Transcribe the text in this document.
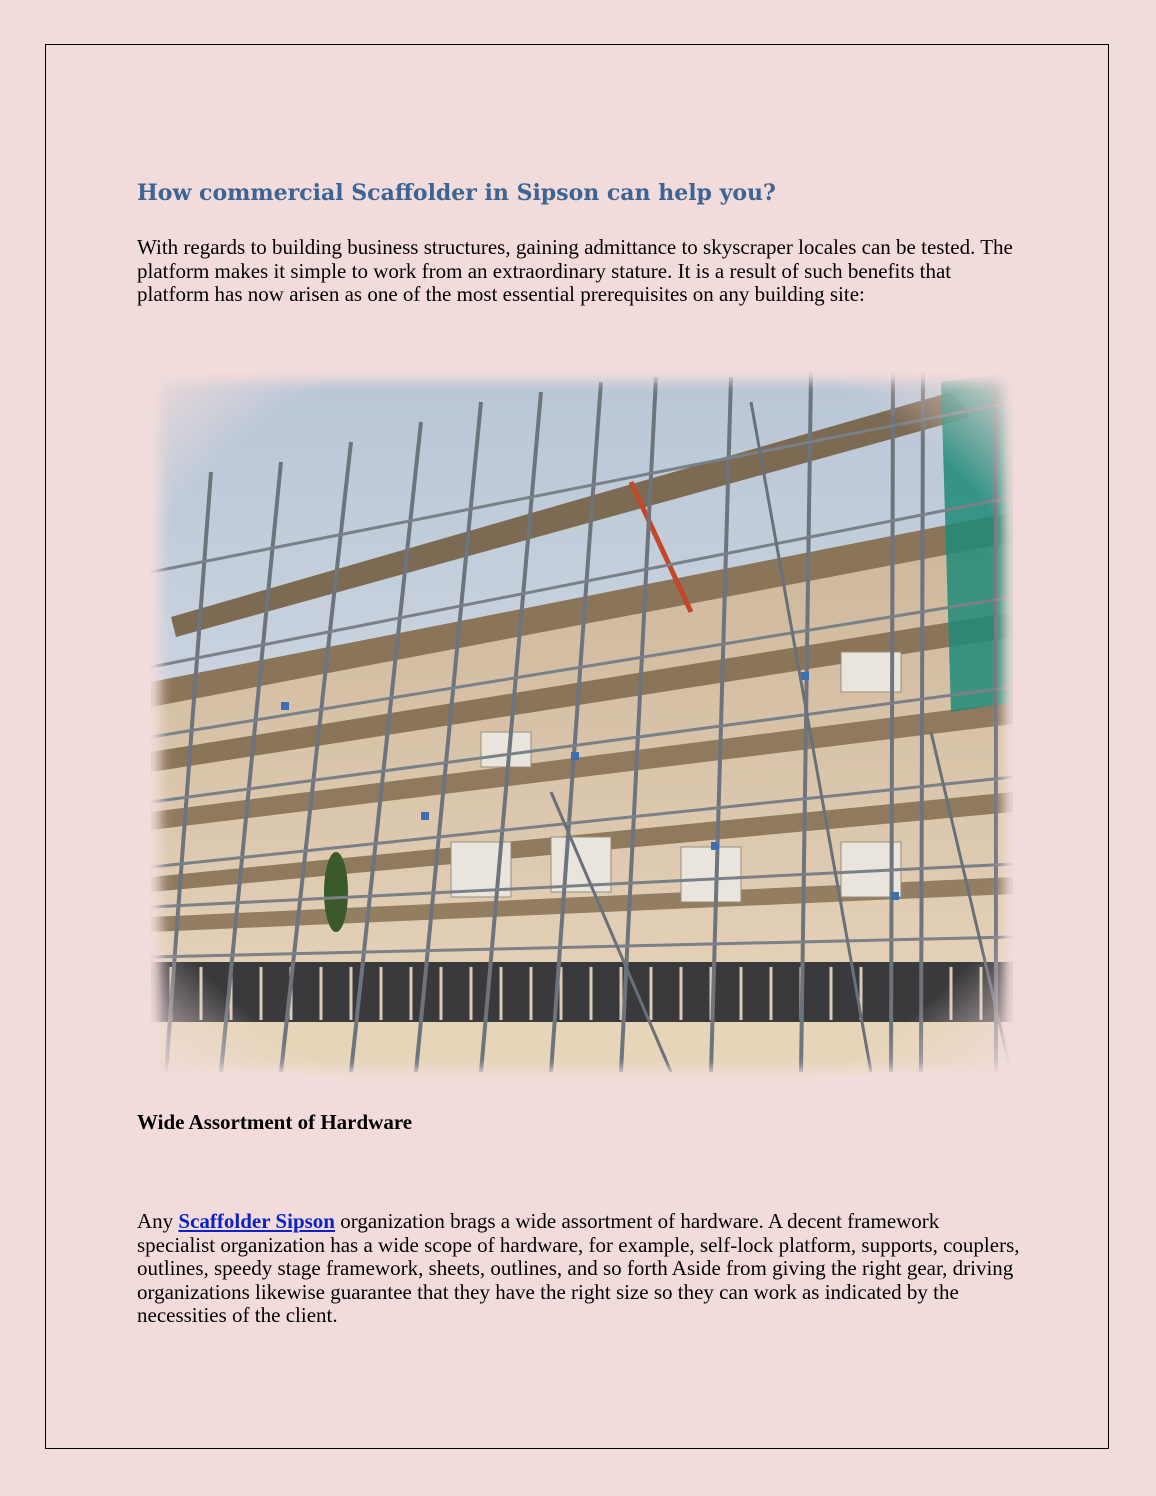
How commercial Scaffolder in Sipson can help you?

With regards to building business structures, gaining admittance to skyscraper locales can be tested. The platform makes it simple to work from an extraordinary stature. It is a result of such benefits that platform has now arisen as one of the most essential prerequisites on any building site:

Wide Assortment of Hardware

Any Scaffolder Sipson organization brags a wide assortment of hardware. A decent framework specialist organization has a wide scope of hardware, for example, self-lock platform, supports, couplers, outlines, speedy stage framework, sheets, outlines, and so forth Aside from giving the right gear, driving organizations likewise guarantee that they have the right size so they can work as indicated by the necessities of the client.
